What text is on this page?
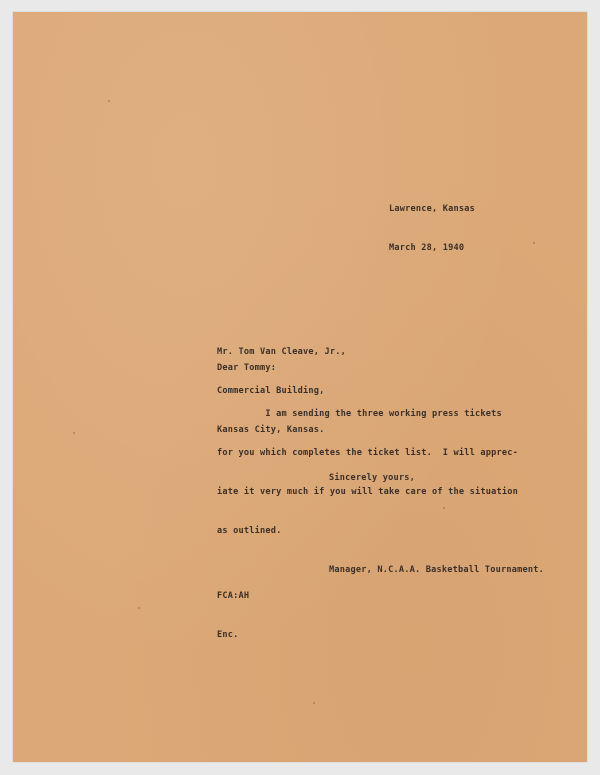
Lawrence, Kansas

March 28, 1940

Mr. Tom Van Cleave, Jr.,

Commercial Building,

Kansas City, Kansas.

Dear Tommy:

I am sending the three working press tickets

for you which completes the ticket list.  I will apprec-

iate it very much if you will take care of the situation

as outlined.

Sincerely yours,

FCA:AH

Enc.

Manager, N.C.A.A. Basketball Tournament.
